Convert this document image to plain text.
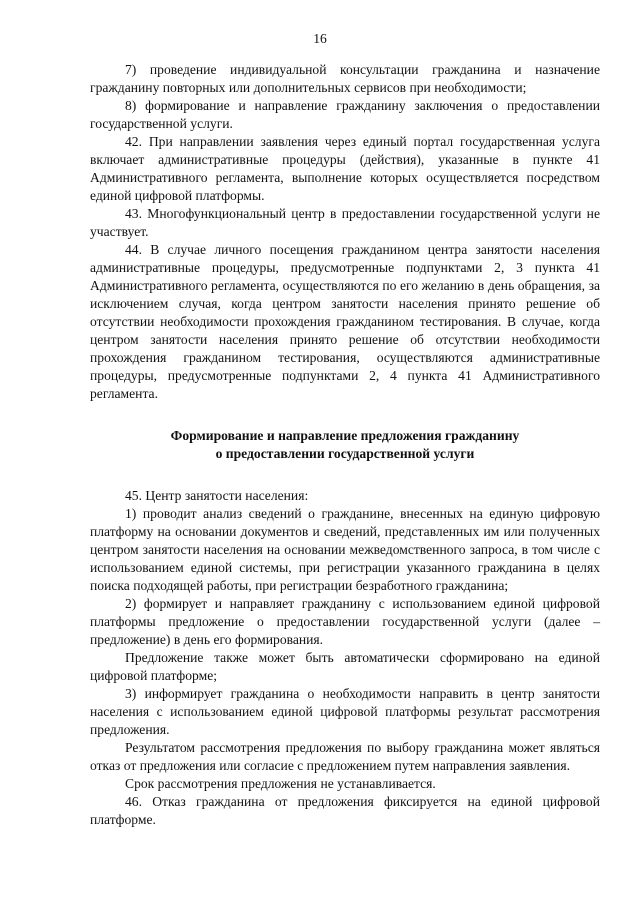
16

7) проведение индивидуальной консультации гражданина и назначение гражданину повторных или дополнительных сервисов при необходимости;

8) формирование и направление гражданину заключения о предоставлении государственной услуги.

42. При направлении заявления через единый портал государственная услуга включает административные процедуры (действия), указанные в пункте 41 Административного регламента, выполнение которых осуществляется посредством единой цифровой платформы.

43. Многофункциональный центр в предоставлении государственной услуги не участвует.

44. В случае личного посещения гражданином центра занятости населения административные процедуры, предусмотренные подпунктами 2, 3 пункта 41 Административного регламента, осуществляются по его желанию в день обращения, за исключением случая, когда центром занятости населения принято решение об отсутствии необходимости прохождения гражданином тестирования. В случае, когда центром занятости населения принято решение об отсутствии необходимости прохождения гражданином тестирования, осуществляются административные процедуры, предусмотренные подпунктами 2, 4 пункта 41 Административного регламента.

Формирование и направление предложения гражданину
о предоставлении государственной услуги

45. Центр занятости населения:

1) проводит анализ сведений о гражданине, внесенных на единую цифровую платформу на основании документов и сведений, представленных им или полученных центром занятости населения на основании межведомственного запроса, в том числе с использованием единой системы, при регистрации указанного гражданина в целях поиска подходящей работы, при регистрации безработного гражданина;

2) формирует и направляет гражданину с использованием единой цифровой платформы предложение о предоставлении государственной услуги (далее – предложение) в день его формирования.

Предложение также может быть автоматически сформировано на единой цифровой платформе;

3) информирует гражданина о необходимости направить в центр занятости населения с использованием единой цифровой платформы результат рассмотрения предложения.

Результатом рассмотрения предложения по выбору гражданина может являться отказ от предложения или согласие с предложением путем направления заявления.

Срок рассмотрения предложения не устанавливается.

46. Отказ гражданина от предложения фиксируется на единой цифровой платформе.
